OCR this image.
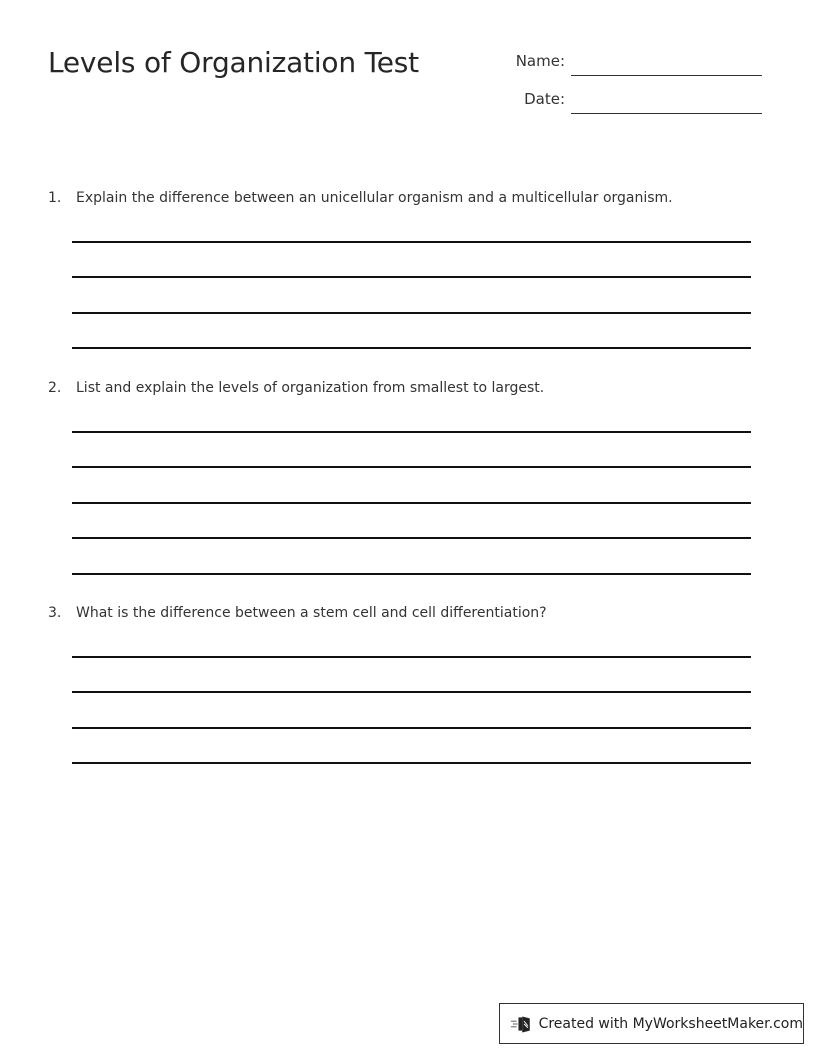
Levels of Organization Test	Name:
Date:
1. Explain the difference between an unicellular organism and a multicellular organism.
2. List and explain the levels of organization from smallest to largest.
3. What is the difference between a stem cell and cell differentiation?
Created with MyWorksheetMaker.com
